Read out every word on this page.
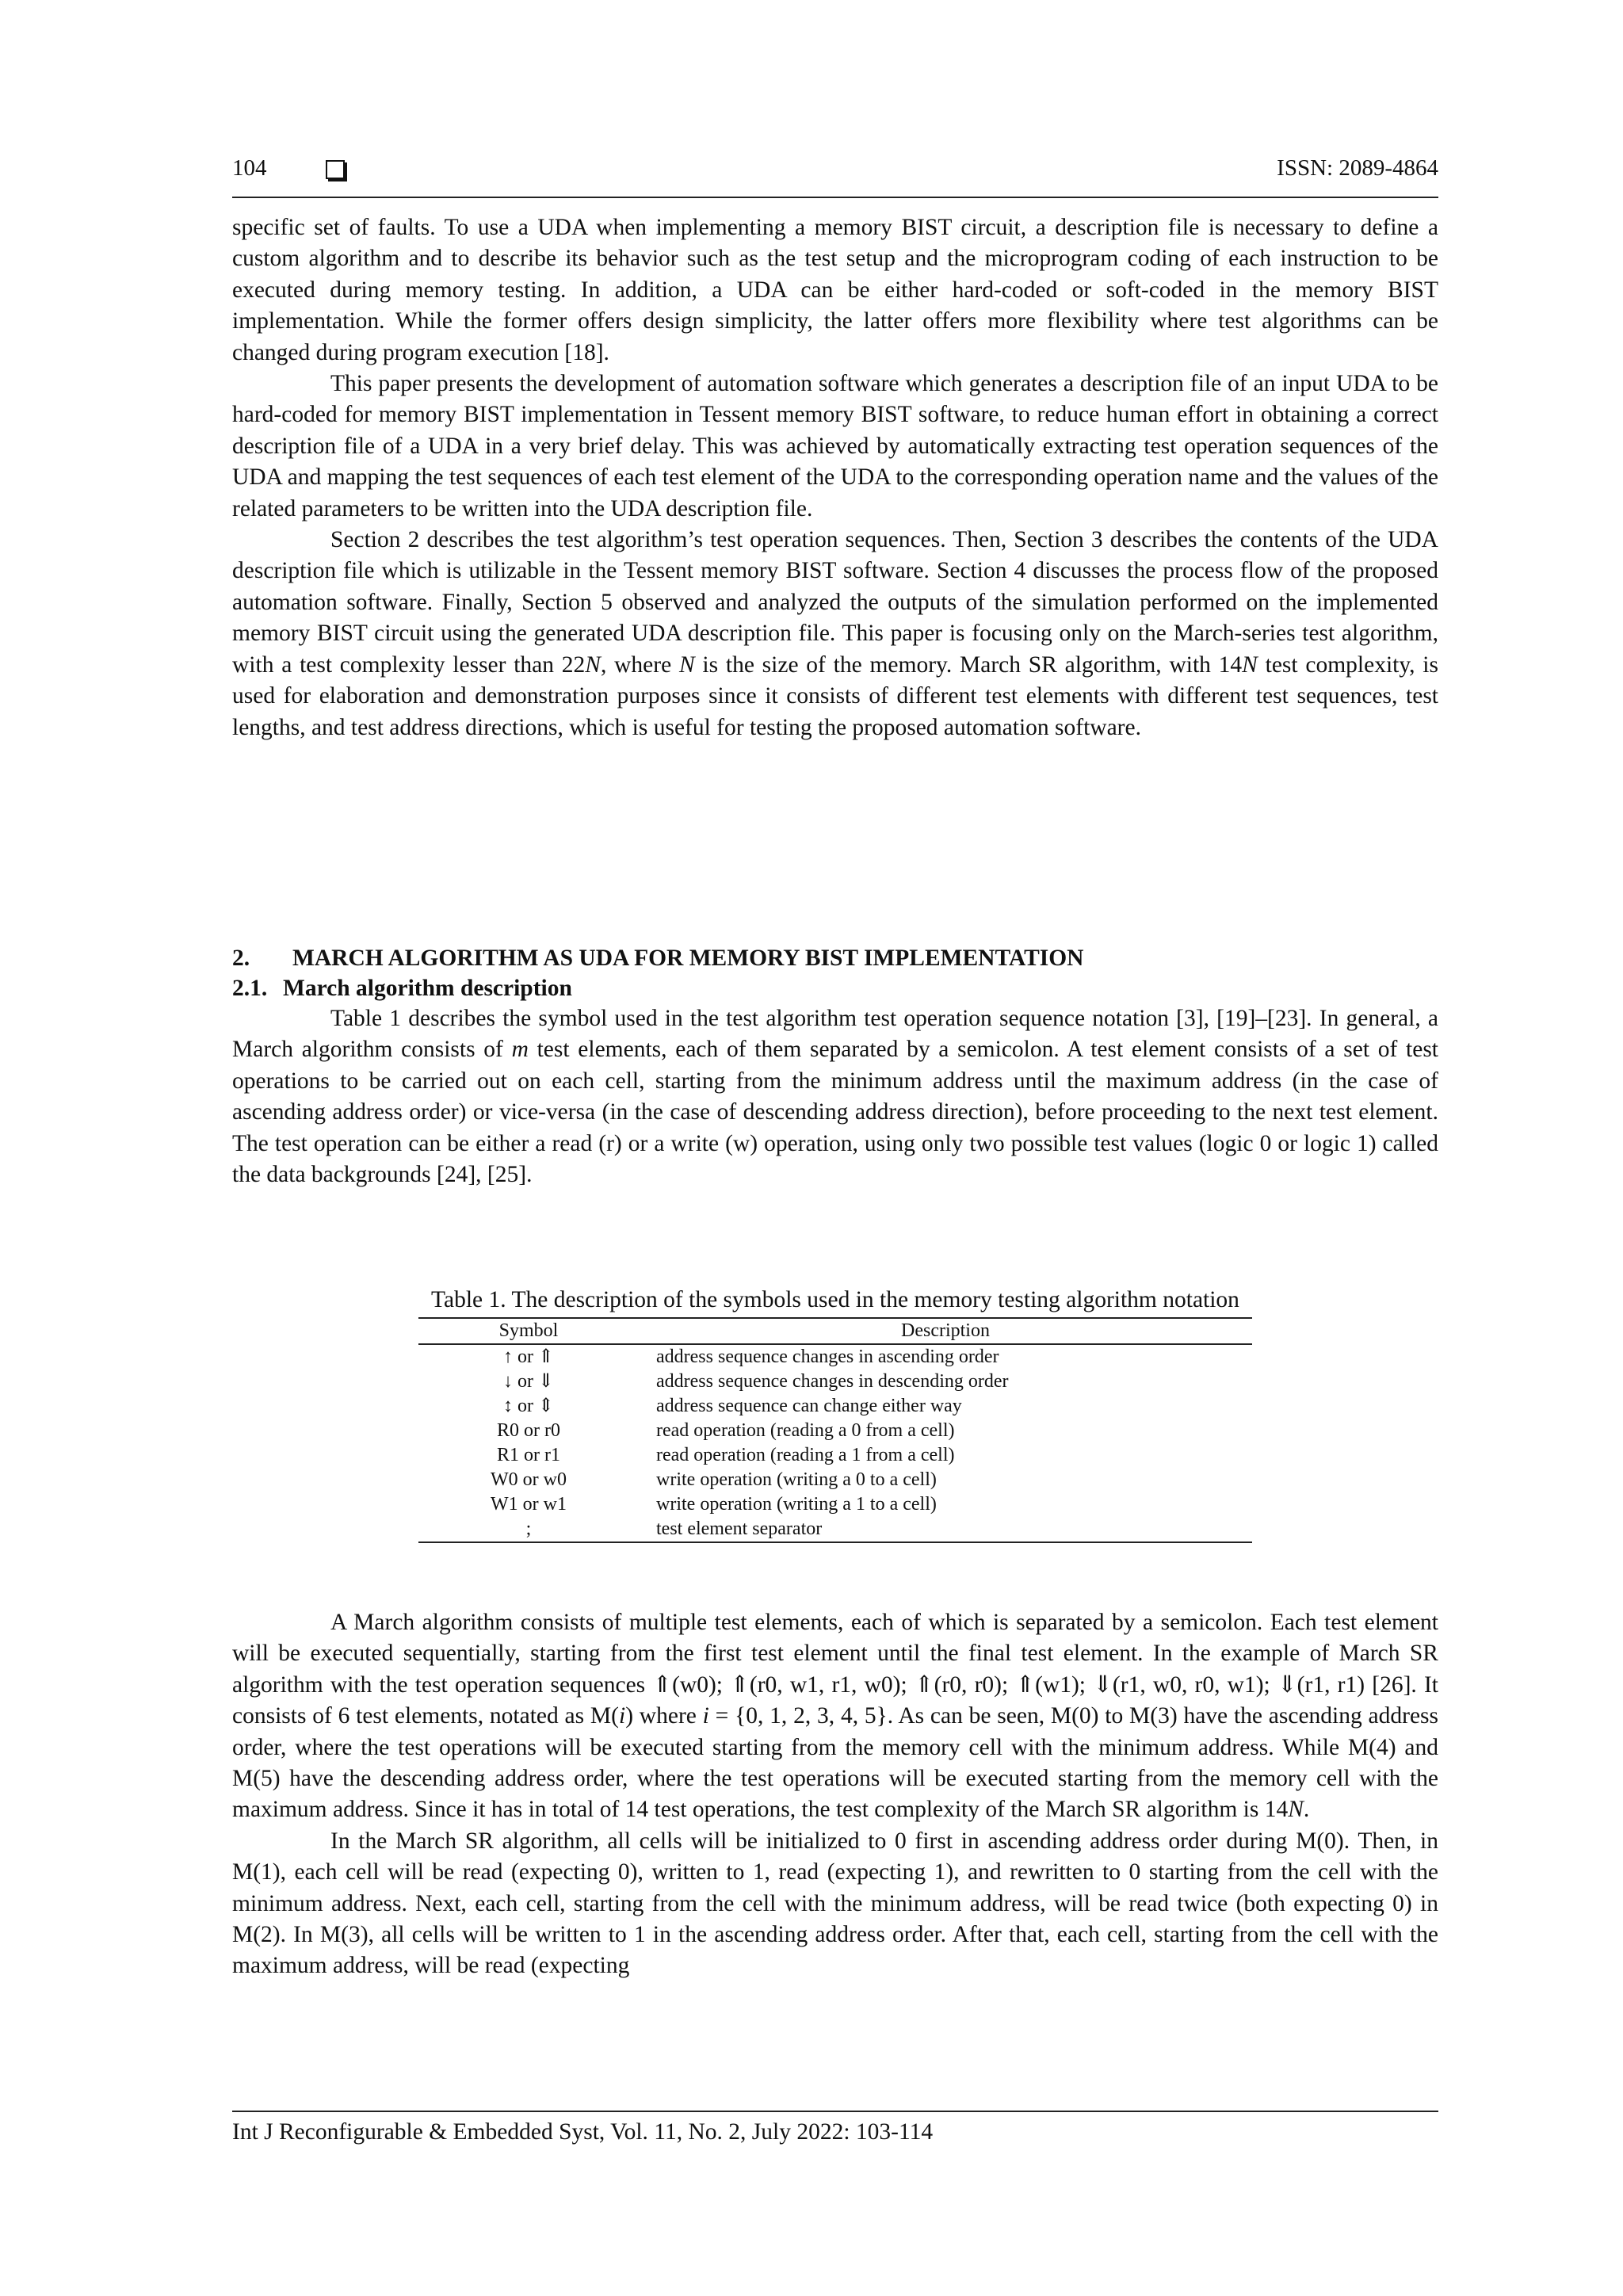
104	ISSN: 2089-4864

specific set of faults. To use a UDA when implementing a memory BIST circuit, a description file is necessary to define a custom algorithm and to describe its behavior such as the test setup and the microprogram coding of each instruction to be executed during memory testing. In addition, a UDA can be either hard-coded or soft-coded in the memory BIST implementation. While the former offers design simplicity, the latter offers more flexibility where test algorithms can be changed during program execution [18].

This paper presents the development of automation software which generates a description file of an input UDA to be hard-coded for memory BIST implementation in Tessent memory BIST software, to reduce human effort in obtaining a correct description file of a UDA in a very brief delay. This was achieved by automatically extracting test operation sequences of the UDA and mapping the test sequences of each test element of the UDA to the corresponding operation name and the values of the related parameters to be written into the UDA description file.

Section 2 describes the test algorithm’s test operation sequences. Then, Section 3 describes the contents of the UDA description file which is utilizable in the Tessent memory BIST software. Section 4 discusses the process flow of the proposed automation software. Finally, Section 5 observed and analyzed the outputs of the simulation performed on the implemented memory BIST circuit using the generated UDA description file. This paper is focusing only on the March-series test algorithm, with a test complexity lesser than 22N, where N is the size of the memory. March SR algorithm, with 14N test complexity, is used for elaboration and demonstration purposes since it consists of different test elements with different test sequences, test lengths, and test address directions, which is useful for testing the proposed automation software.

2. MARCH ALGORITHM AS UDA FOR MEMORY BIST IMPLEMENTATION
2.1. March algorithm description

Table 1 describes the symbol used in the test algorithm test operation sequence notation [3], [19]–[23]. In general, a March algorithm consists of m test elements, each of them separated by a semicolon. A test element consists of a set of test operations to be carried out on each cell, starting from the minimum address until the maximum address (in the case of ascending address order) or vice-versa (in the case of descending address direction), before proceeding to the next test element. The test operation can be either a read (r) or a write (w) operation, using only two possible test values (logic 0 or logic 1) called the data backgrounds [24], [25].

Table 1. The description of the symbols used in the memory testing algorithm notation
Symbol	Description
↑ or ⇑	address sequence changes in ascending order
↓ or ⇓	address sequence changes in descending order
↕ or ⇕	address sequence can change either way
R0 or r0	read operation (reading a 0 from a cell)
R1 or r1	read operation (reading a 1 from a cell)
W0 or w0	write operation (writing a 0 to a cell)
W1 or w1	write operation (writing a 1 to a cell)
;	test element separator

A March algorithm consists of multiple test elements, each of which is separated by a semicolon. Each test element will be executed sequentially, starting from the first test element until the final test element. In the example of March SR algorithm with the test operation sequences ⇑(w0); ⇑(r0, w1, r1, w0); ⇑(r0, r0); ⇑(w1); ⇓(r1, w0, r0, w1); ⇓(r1, r1) [26]. It consists of 6 test elements, notated as M(i) where i = {0, 1, 2, 3, 4, 5}. As can be seen, M(0) to M(3) have the ascending address order, where the test operations will be executed starting from the memory cell with the minimum address. While M(4) and M(5) have the descending address order, where the test operations will be executed starting from the memory cell with the maximum address. Since it has in total of 14 test operations, the test complexity of the March SR algorithm is 14N.

In the March SR algorithm, all cells will be initialized to 0 first in ascending address order during M(0). Then, in M(1), each cell will be read (expecting 0), written to 1, read (expecting 1), and rewritten to 0 starting from the cell with the minimum address. Next, each cell, starting from the cell with the minimum address, will be read twice (both expecting 0) in M(2). In M(3), all cells will be written to 1 in the ascending address order. After that, each cell, starting from the cell with the maximum address, will be read (expecting

Int J Reconfigurable & Embedded Syst, Vol. 11, No. 2, July 2022: 103-114
